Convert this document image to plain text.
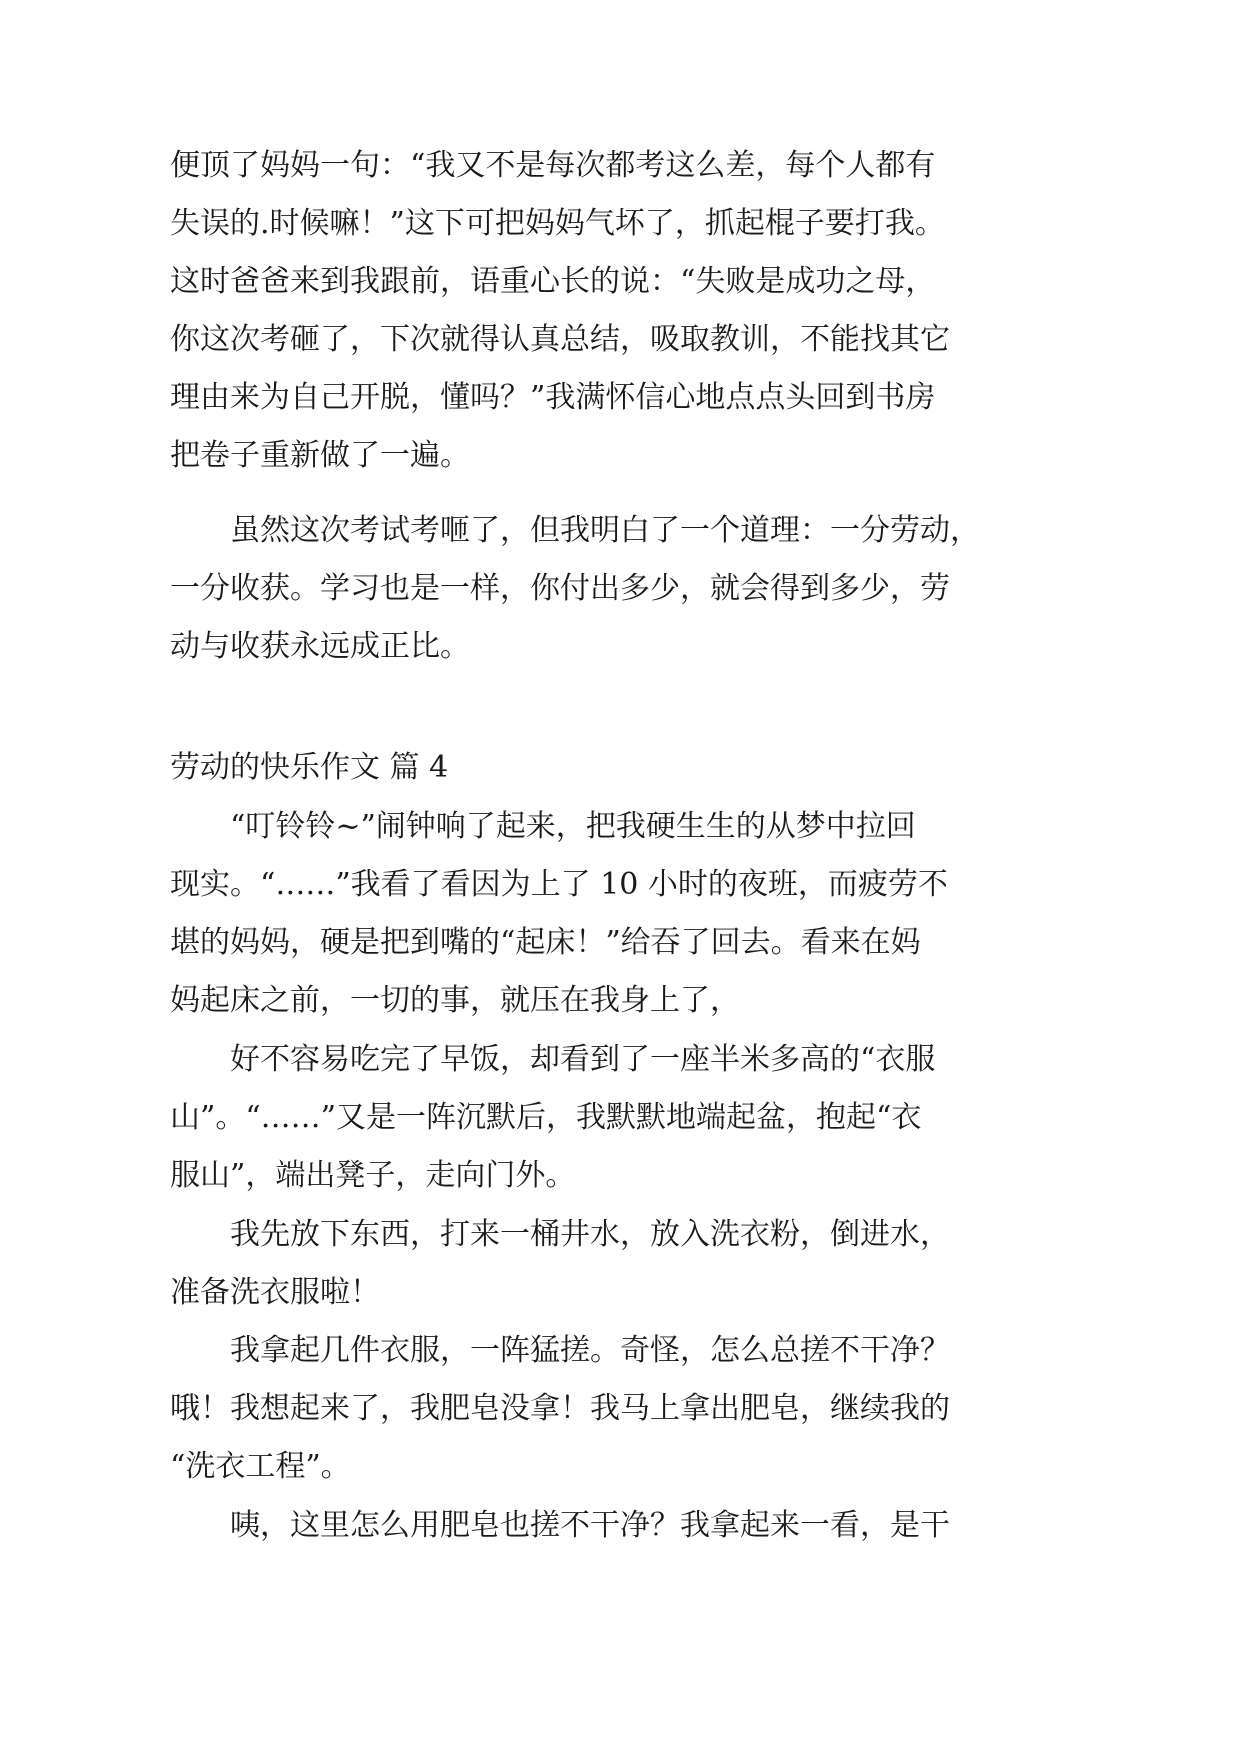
便顶了妈妈一句：“我又不是每次都考这么差，每个人都有
失误的.时候嘛！”这下可把妈妈气坏了，抓起棍子要打我。
这时爸爸来到我跟前，语重心长的说：“失败是成功之母，
你这次考砸了，下次就得认真总结，吸取教训，不能找其它
理由来为自己开脱，懂吗？”我满怀信心地点点头回到书房
把卷子重新做了一遍。
虽然这次考试考咂了，但我明白了一个道理：一分劳动，
一分收获。学习也是一样，你付出多少，就会得到多少，劳
动与收获永远成正比。
劳动的快乐作文 篇 4
“叮铃铃~”闹钟响了起来，把我硬生生的从梦中拉回
现实。“……”我看了看因为上了 10 小时的夜班，而疲劳不
堪的妈妈，硬是把到嘴的“起床！”给吞了回去。看来在妈
妈起床之前，一切的事，就压在我身上了，
好不容易吃完了早饭，却看到了一座半米多高的“衣服
山”。“……”又是一阵沉默后，我默默地端起盆，抱起“衣
服山”，端出凳子，走向门外。
我先放下东西，打来一桶井水，放入洗衣粉，倒进水，
准备洗衣服啦！
我拿起几件衣服，一阵猛搓。奇怪，怎么总搓不干净？
哦！我想起来了，我肥皂没拿！我马上拿出肥皂，继续我的
“洗衣工程”。
咦，这里怎么用肥皂也搓不干净？我拿起来一看，是干
